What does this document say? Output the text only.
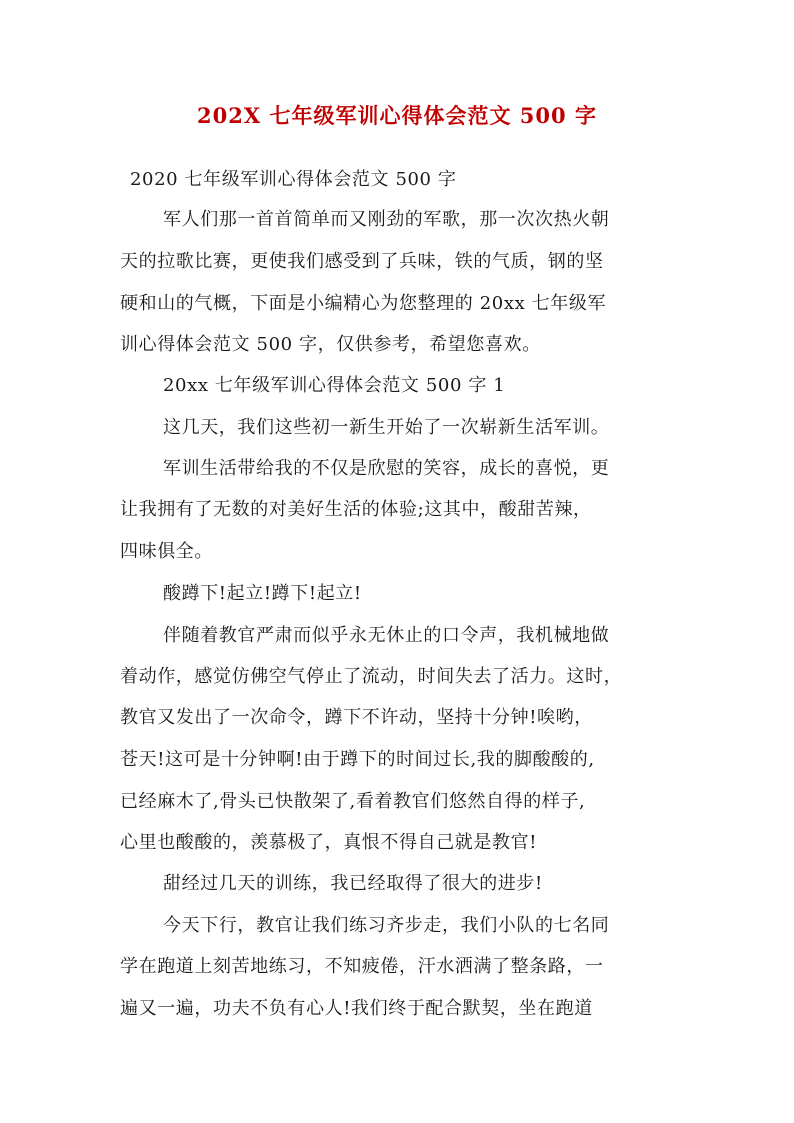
202X 七年级军训心得体会范文 500 字
2020 七年级军训心得体会范文 500 字
军人们那一首首简单而又刚劲的军歌，那一次次热火朝
天的拉歌比赛，更使我们感受到了兵味，铁的气质，钢的坚
硬和山的气概，下面是小编精心为您整理的 20xx 七年级军
训心得体会范文 500 字，仅供参考，希望您喜欢。
20xx 七年级军训心得体会范文 500 字 1
这几天，我们这些初一新生开始了一次崭新生活军训。
军训生活带给我的不仅是欣慰的笑容，成长的喜悦，更
让我拥有了无数的对美好生活的体验;这其中，酸甜苦辣，
四味俱全。
酸蹲下!起立!蹲下!起立!
伴随着教官严肃而似乎永无休止的口令声，我机械地做
着动作，感觉仿佛空气停止了流动，时间失去了活力。这时，
教官又发出了一次命令，蹲下不许动，坚持十分钟!唉哟，
苍天!这可是十分钟啊!由于蹲下的时间过长,我的脚酸酸的,
已经麻木了,骨头已快散架了,看着教官们悠然自得的样子,
心里也酸酸的，羡慕极了，真恨不得自己就是教官!
甜经过几天的训练，我已经取得了很大的进步!
今天下行，教官让我们练习齐步走，我们小队的七名同
学在跑道上刻苦地练习，不知疲倦，汗水洒满了整条路，一
遍又一遍，功夫不负有心人!我们终于配合默契，坐在跑道
